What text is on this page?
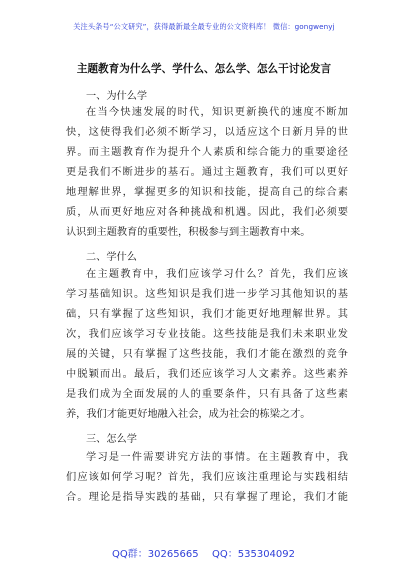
关注头条号“公文研究”，获得最新最全最专业的公文资料库！ 微信：gongwenyj
主题教育为什么学、学什么、怎么学、怎么干讨论发言
一、为什么学
在当今快速发展的时代，知识更新换代的速度不断加
快，这使得我们必须不断学习，以适应这个日新月异的世
界。而主题教育作为提升个人素质和综合能力的重要途径
更是我们不断进步的基石。通过主题教育，我们可以更好
地理解世界，掌握更多的知识和技能，提高自己的综合素
质，从而更好地应对各种挑战和机遇。因此，我们必须要
认识到主题教育的重要性，积极参与到主题教育中来。
二、学什么
在主题教育中，我们应该学习什么？首先，我们应该
学习基础知识。这些知识是我们进一步学习其他知识的基
础，只有掌握了这些知识，我们才能更好地理解世界。其
次，我们应该学习专业技能。这些技能是我们未来职业发
展的关键，只有掌握了这些技能，我们才能在激烈的竞争
中脱颖而出。最后，我们还应该学习人文素养。这些素养
是我们成为全面发展的人的重要条件，只有具备了这些素
养，我们才能更好地融入社会，成为社会的栋梁之才。
三、怎么学
学习是一件需要讲究方法的事情。在主题教育中，我
们应该如何学习呢？首先，我们应该注重理论与实践相结
合。理论是指导实践的基础，只有掌握了理论，我们才能
QQ群：30265665 QQ：535304092
